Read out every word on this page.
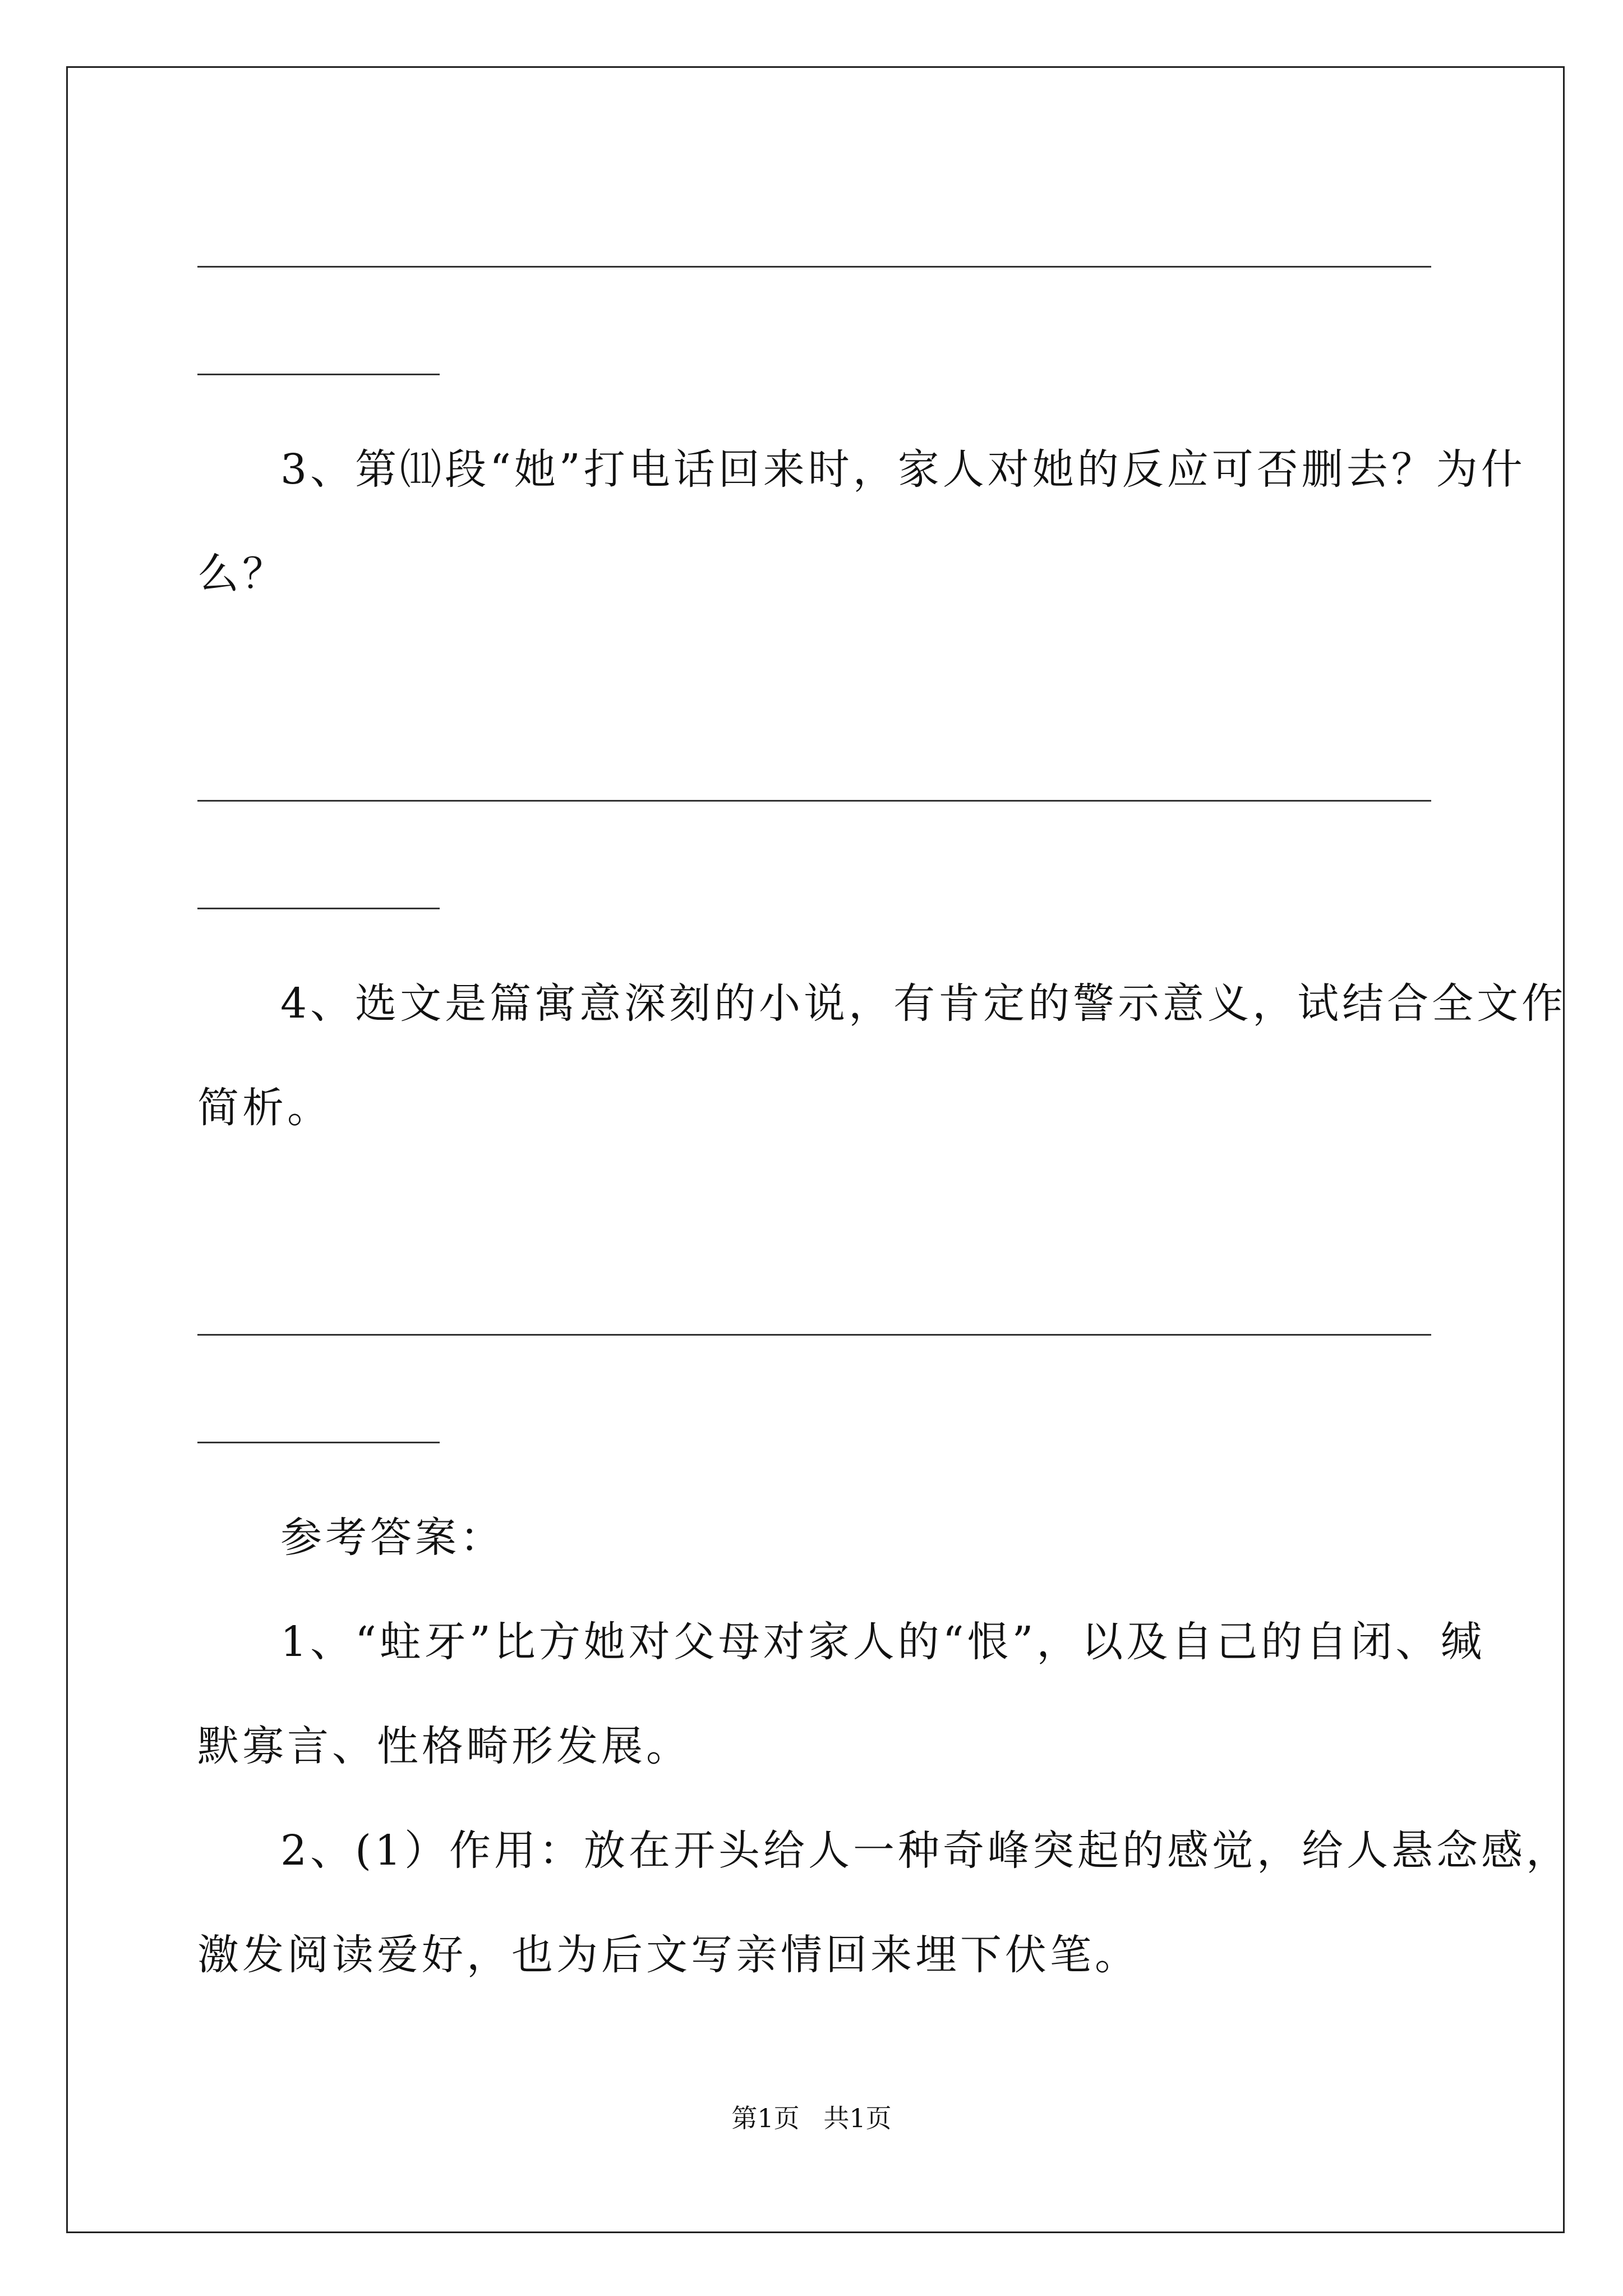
3、第⑾段“她”打电话回来时，家人对她的反应可否删去？为什
么？
4、选文是篇寓意深刻的小说，有肯定的警示意义，试结合全文作
简析。
参考答案：
1、“蛀牙”比方她对父母对家人的“恨”，以及自己的自闭、缄
默寡言、性格畸形发展。
2、(1）作用：放在开头给人一种奇峰突起的感觉，给人悬念感，
激发阅读爱好，也为后文写亲情回来埋下伏笔。
第1页 共1页
